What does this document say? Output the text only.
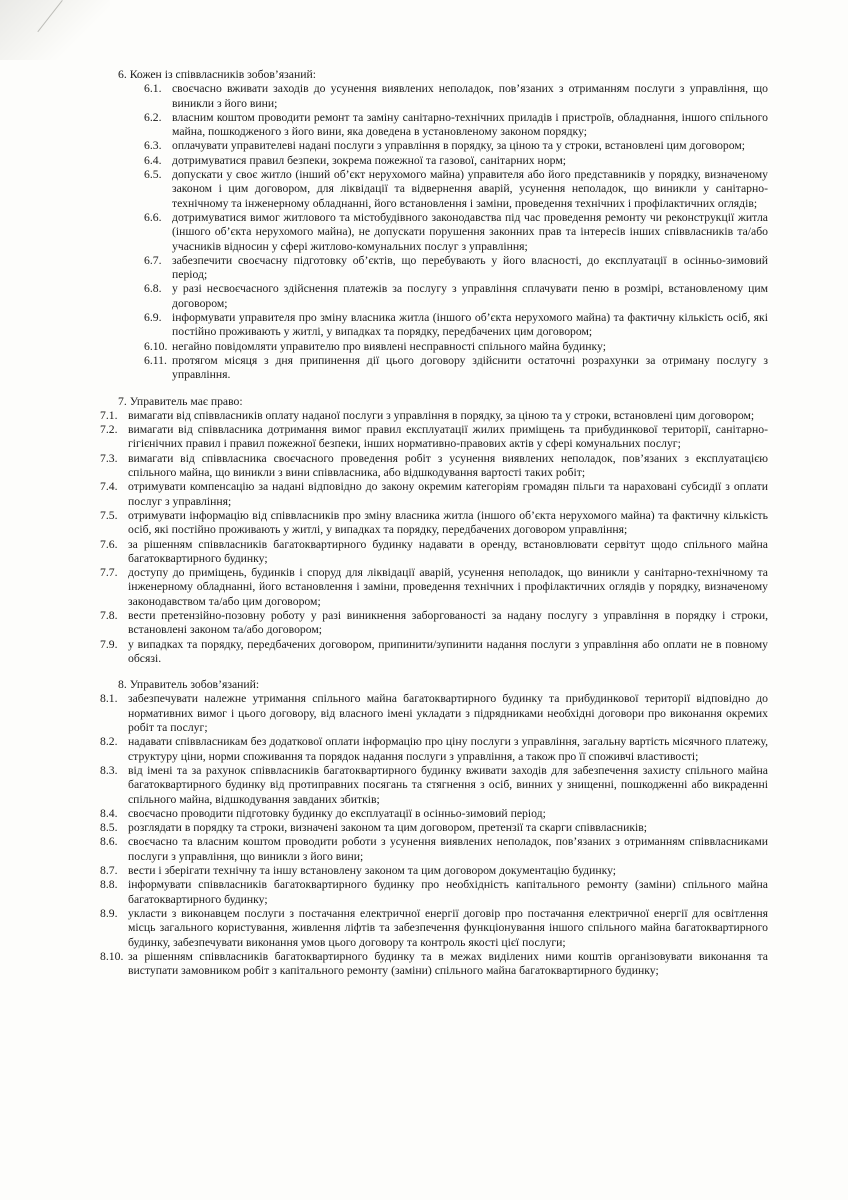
6. Кожен із співвласників зобов’язаний:
6.1. своєчасно вживати заходів до усунення виявлених неполадок, пов’язаних з отриманням послуги з управління, що виникли з його вини;
6.2. власним коштом проводити ремонт та заміну санітарно-технічних приладів і пристроїв, обладнання, іншого спільного майна, пошкодженого з його вини, яка доведена в установленому законом порядку;
6.3. оплачувати управителеві надані послуги з управління в порядку, за ціною та у строки, встановлені цим договором;
6.4. дотримуватися правил безпеки, зокрема пожежної та газової, санітарних норм;
6.5. допускати у своє житло (інший об’єкт нерухомого майна) управителя або його представників у порядку, визначеному законом і цим договором, для ліквідації та відвернення аварій, усунення неполадок, що виникли у санітарно-технічному та інженерному обладнанні, його встановлення і заміни, проведення технічних і профілактичних оглядів;
6.6. дотримуватися вимог житлового та містобудівного законодавства під час проведення ремонту чи реконструкції житла (іншого об’єкта нерухомого майна), не допускати порушення законних прав та інтересів інших співвласників та/або учасників відносин у сфері житлово-комунальних послуг з управління;
6.7. забезпечити своєчасну підготовку об’єктів, що перебувають у його власності, до експлуатації в осінньо-зимовий період;
6.8. у разі несвоєчасного здійснення платежів за послугу з управління сплачувати пеню в розмірі, встановленому цим договором;
6.9. інформувати управителя про зміну власника житла (іншого об’єкта нерухомого майна) та фактичну кількість осіб, які постійно проживають у житлі, у випадках та порядку, передбачених цим договором;
6.10. негайно повідомляти управителю про виявлені несправності спільного майна будинку;
6.11. протягом місяця з дня припинення дії цього договору здійснити остаточні розрахунки за отриману послугу з управління.
7. Управитель має право:
7.1. вимагати від співвласників оплату наданої послуги з управління в порядку, за ціною та у строки, встановлені цим договором;
7.2. вимагати від співвласника дотримання вимог правил експлуатації жилих приміщень та прибудинкової території, санітарно-гігієнічних правил і правил пожежної безпеки, інших нормативно-правових актів у сфері комунальних послуг;
7.3. вимагати від співвласника своєчасного проведення робіт з усунення виявлених неполадок, пов’язаних з експлуатацією спільного майна, що виникли з вини співвласника, або відшкодування вартості таких робіт;
7.4. отримувати компенсацію за надані відповідно до закону окремим категоріям громадян пільги та нараховані субсидії з оплати послуг з управління;
7.5. отримувати інформацію від співвласників про зміну власника житла (іншого об’єкта нерухомого майна) та фактичну кількість осіб, які постійно проживають у житлі, у випадках та порядку, передбачених договором управління;
7.6. за рішенням співвласників багатоквартирного будинку надавати в оренду, встановлювати сервітут щодо спільного майна багатоквартирного будинку;
7.7. доступу до приміщень, будинків і споруд для ліквідації аварій, усунення неполадок, що виникли у санітарно-технічному та інженерному обладнанні, його встановлення і заміни, проведення технічних і профілактичних оглядів у порядку, визначеному законодавством та/або цим договором;
7.8. вести претензійно-позовну роботу у разі виникнення заборгованості за надану послугу з управління в порядку і строки, встановлені законом та/або договором;
7.9. у випадках та порядку, передбачених договором, припинити/зупинити надання послуги з управління або оплати не в повному обсязі.
8. Управитель зобов’язаний:
8.1. забезпечувати належне утримання спільного майна багатоквартирного будинку та прибудинкової території відповідно до нормативних вимог і цього договору, від власного імені укладати з підрядниками необхідні договори про виконання окремих робіт та послуг;
8.2. надавати співвласникам без додаткової оплати інформацію про ціну послуги з управління, загальну вартість місячного платежу, структуру ціни, норми споживання та порядок надання послуги з управління, а також про її споживчі властивості;
8.3. від імені та за рахунок співвласників багатоквартирного будинку вживати заходів для забезпечення захисту спільного майна багатоквартирного будинку від протиправних посягань та стягнення з осіб, винних у знищенні, пошкодженні або викраденні спільного майна, відшкодування завданих збитків;
8.4. своєчасно проводити підготовку будинку до експлуатації в осінньо-зимовий період;
8.5. розглядати в порядку та строки, визначені законом та цим договором, претензії та скарги співвласників;
8.6. своєчасно та власним коштом проводити роботи з усунення виявлених неполадок, пов’язаних з отриманням співвласниками послуги з управління, що виникли з його вини;
8.7. вести і зберігати технічну та іншу встановлену законом та цим договором документацію будинку;
8.8. інформувати співвласників багатоквартирного будинку про необхідність капітального ремонту (заміни) спільного майна багатоквартирного будинку;
8.9. укласти з виконавцем послуги з постачання електричної енергії договір про постачання електричної енергії для освітлення місць загального користування, живлення ліфтів та забезпечення функціонування іншого спільного майна багатоквартирного будинку, забезпечувати виконання умов цього договору та контроль якості цієї послуги;
8.10. за рішенням співвласників багатоквартирного будинку та в межах виділених ними коштів організовувати виконання та виступати замовником робіт з капітального ремонту (заміни) спільного майна багатоквартирного будинку;
